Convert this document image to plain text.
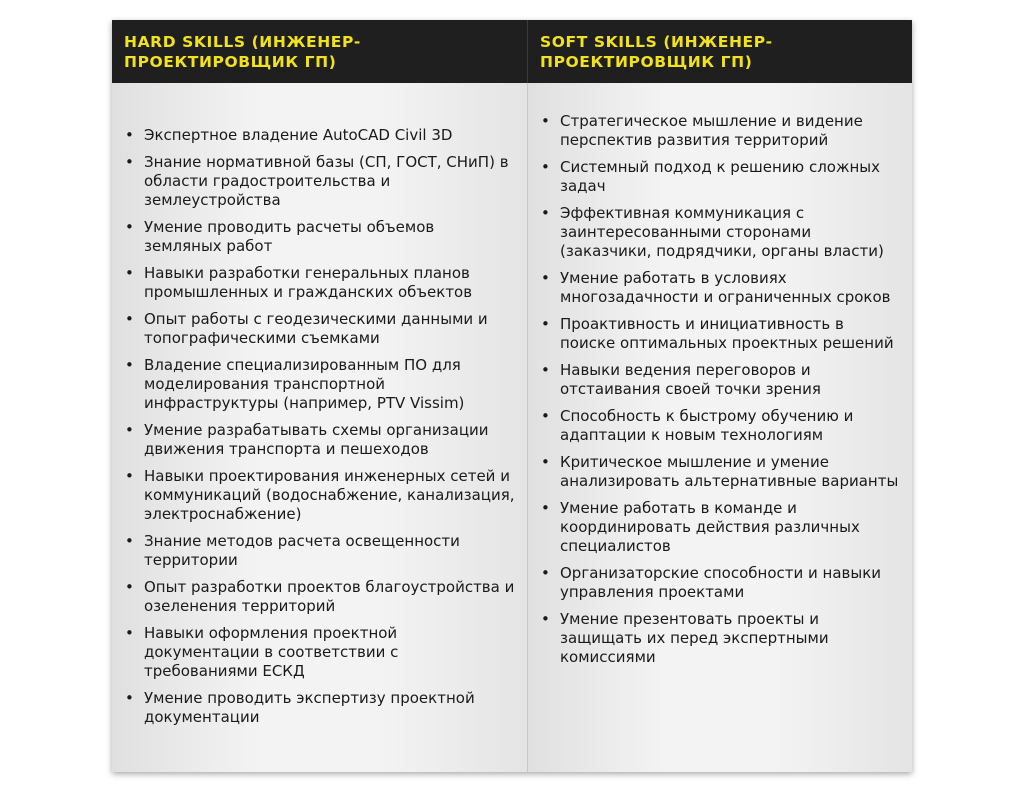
HARD SKILLS (ИНЖЕНЕР-ПРОЕКТИРОВЩИК ГП)
SOFT SKILLS (ИНЖЕНЕР-ПРОЕКТИРОВЩИК ГП)
• Экспертное владение AutoCAD Civil 3D
• Знание нормативной базы (СП, ГОСТ, СНиП) в области градостроительства и землеустройства
• Умение проводить расчеты объемов земляных работ
• Навыки разработки генеральных планов промышленных и гражданских объектов
• Опыт работы с геодезическими данными и топографическими съемками
• Владение специализированным ПО для моделирования транспортной инфраструктуры (например, PTV Vissim)
• Умение разрабатывать схемы организации движения транспорта и пешеходов
• Навыки проектирования инженерных сетей и коммуникаций (водоснабжение, канализация, электроснабжение)
• Знание методов расчета освещенности территории
• Опыт разработки проектов благоустройства и озеленения территорий
• Навыки оформления проектной документации в соответствии с требованиями ЕСКД
• Умение проводить экспертизу проектной документации
• Стратегическое мышление и видение перспектив развития территорий
• Системный подход к решению сложных задач
• Эффективная коммуникация с заинтересованными сторонами (заказчики, подрядчики, органы власти)
• Умение работать в условиях многозадачности и ограниченных сроков
• Проактивность и инициативность в поиске оптимальных проектных решений
• Навыки ведения переговоров и отстаивания своей точки зрения
• Способность к быстрому обучению и адаптации к новым технологиям
• Критическое мышление и умение анализировать альтернативные варианты
• Умение работать в команде и координировать действия различных специалистов
• Организаторские способности и навыки управления проектами
• Умение презентовать проекты и защищать их перед экспертными комиссиями
